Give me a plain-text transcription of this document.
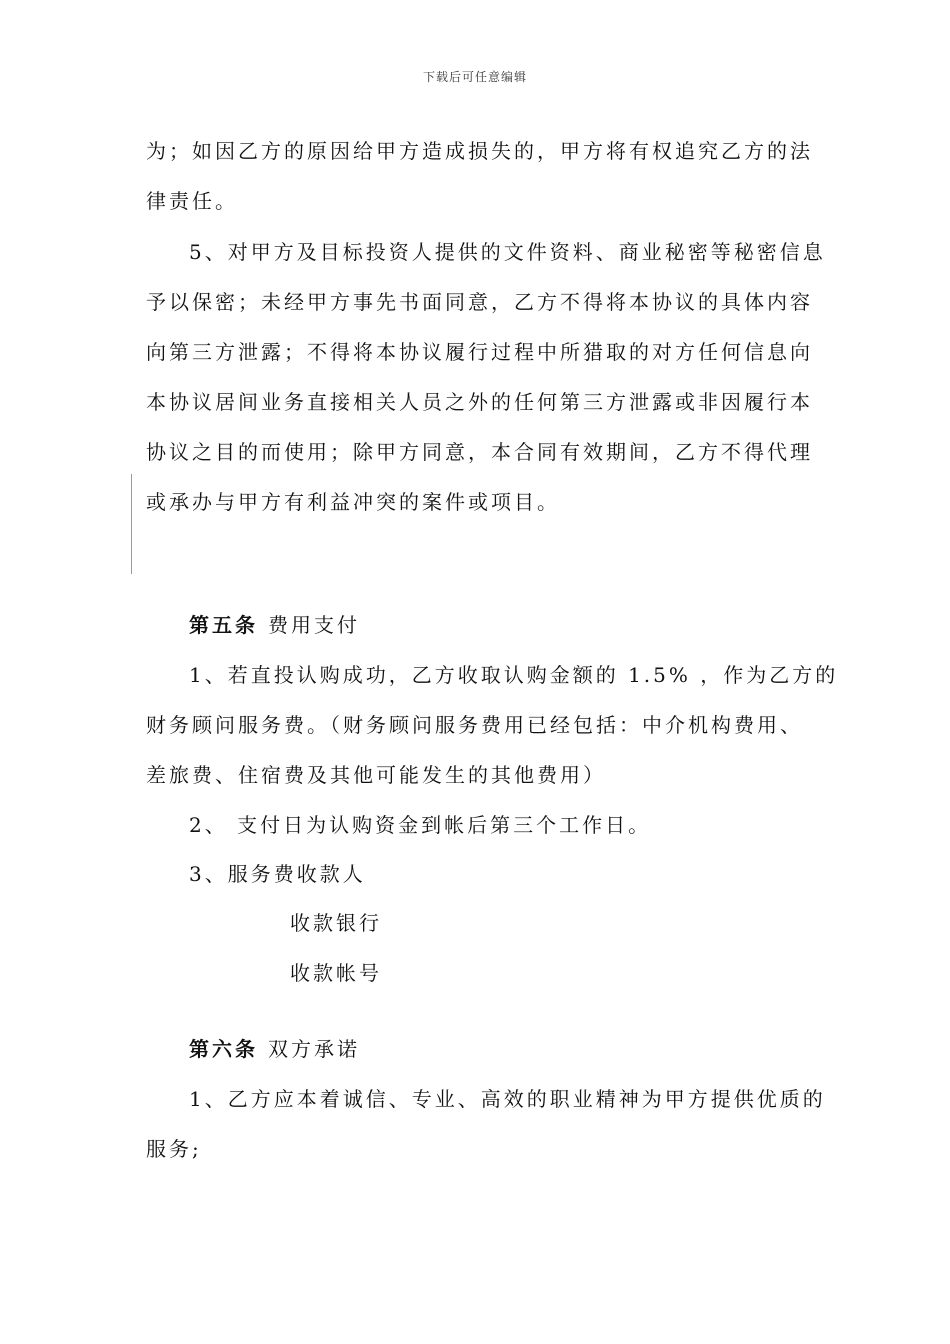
下载后可任意编辑
为；如因乙方的原因给甲方造成损失的，甲方将有权追究乙方的法
律责任。
5、对甲方及目标投资人提供的文件资料、商业秘密等秘密信息
予以保密；未经甲方事先书面同意，乙方不得将本协议的具体内容
向第三方泄露；不得将本协议履行过程中所猎取的对方任何信息向
本协议居间业务直接相关人员之外的任何第三方泄露或非因履行本
协议之目的而使用；除甲方同意，本合同有效期间，乙方不得代理
或承办与甲方有利益冲突的案件或项目。
第五条 费用支付
1、若直投认购成功，乙方收取认购金额的 1.5% ，作为乙方的
财务顾问服务费。（财务顾问服务费用已经包括：中介机构费用、
差旅费、住宿费及其他可能发生的其他费用）
2、 支付日为认购资金到帐后第三个工作日。
3、服务费收款人
收款银行
收款帐号
第六条 双方承诺
1、乙方应本着诚信、专业、高效的职业精神为甲方提供优质的
服务;
